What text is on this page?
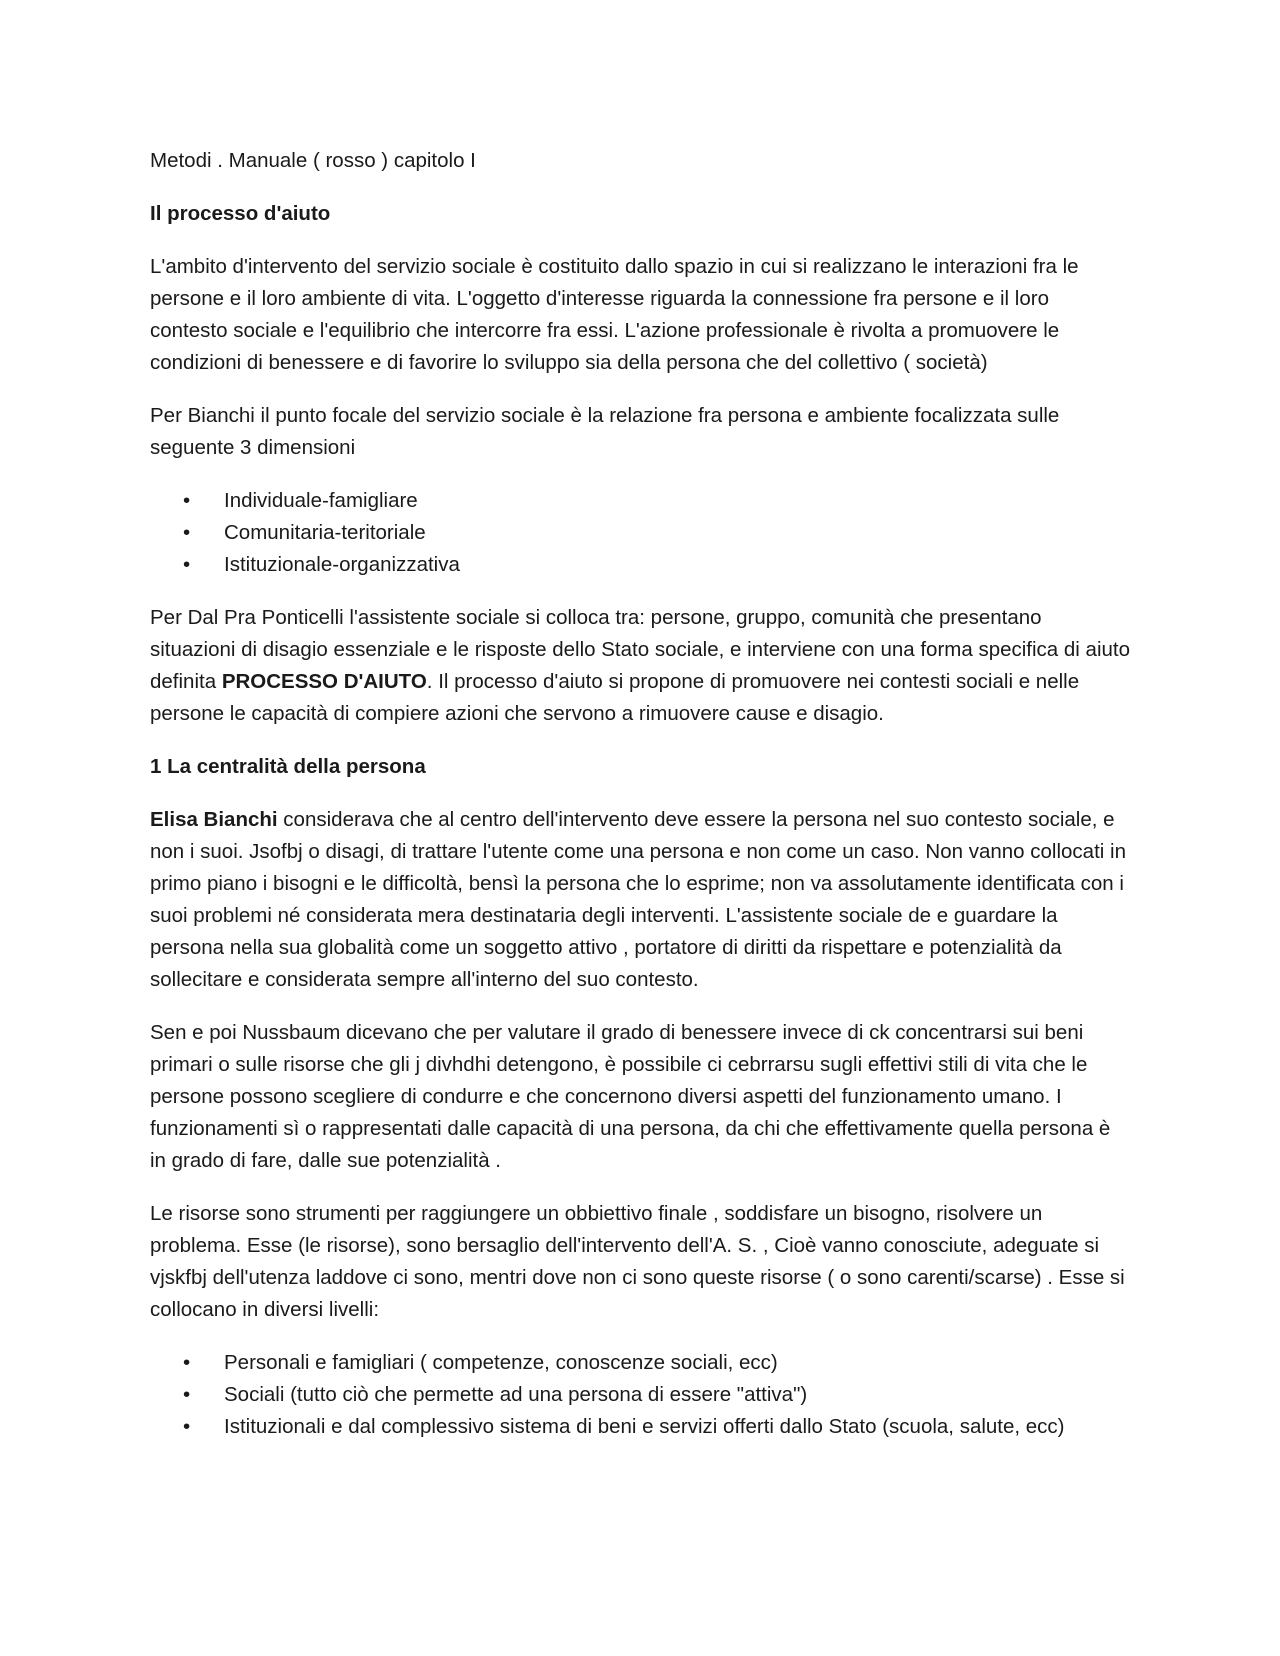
Metodi . Manuale ( rosso ) capitolo I

Il processo d'aiuto

L'ambito d'intervento del servizio sociale è costituito dallo spazio in cui si realizzano le interazioni fra le persone e il loro ambiente di vita. L'oggetto d'interesse riguarda la connessione fra persone e il loro contesto sociale e l'equilibrio che intercorre fra essi. L'azione professionale è rivolta a promuovere le condizioni di benessere e di favorire lo sviluppo sia della persona che del collettivo ( società)

Per Bianchi il punto focale del servizio sociale è la relazione fra persona e ambiente focalizzata sulle seguente 3 dimensioni

• Individuale-famigliare
• Comunitaria-teritoriale
• Istituzionale-organizzativa

Per Dal Pra Ponticelli l'assistente sociale si colloca tra: persone, gruppo, comunità che presentano situazioni di disagio essenziale e le risposte dello Stato sociale, e interviene con una forma specifica di aiuto definita PROCESSO D'AIUTO. Il processo d'aiuto si propone di promuovere nei contesti sociali e nelle persone le capacità di compiere azioni che servono a rimuovere cause e disagio.

1 La centralità della persona

Elisa Bianchi considerava che al centro dell'intervento deve essere la persona nel suo contesto sociale, e non i suoi. Jsofbj o disagi, di trattare l'utente come una persona e non come un caso. Non vanno collocati in primo piano i bisogni e le difficoltà, bensì la persona che lo esprime; non va assolutamente identificata con i suoi problemi né considerata mera destinataria degli interventi. L'assistente sociale de e guardare la persona nella sua globalità come un soggetto attivo , portatore di diritti da rispettare e potenzialità da sollecitare e considerata sempre all'interno del suo contesto.

Sen e poi Nussbaum dicevano che per valutare il grado di benessere invece di ck concentrarsi sui beni primari o sulle risorse che gli j divhdhi detengono, è possibile ci cebrrarsu sugli effettivi stili di vita che le persone possono scegliere di condurre e che concernono diversi aspetti del funzionamento umano. I funzionamenti sì o rappresentati dalle capacità di una persona, da chi che effettivamente quella persona è in grado di fare, dalle sue potenzialità .

Le risorse sono strumenti per raggiungere un obbiettivo finale , soddisfare un bisogno, risolvere un problema. Esse (le risorse), sono bersaglio dell'intervento dell'A. S. , Cioè vanno conosciute, adeguate si vjskfbj dell'utenza laddove ci sono, mentri dove non ci sono queste risorse ( o sono carenti/scarse) . Esse si collocano in diversi livelli:

• Personali e famigliari ( competenze, conoscenze sociali, ecc)
• Sociali (tutto ciò che permette ad una persona di essere "attiva")
• Istituzionali e dal complessivo sistema di beni e servizi offerti dallo Stato (scuola, salute, ecc)
